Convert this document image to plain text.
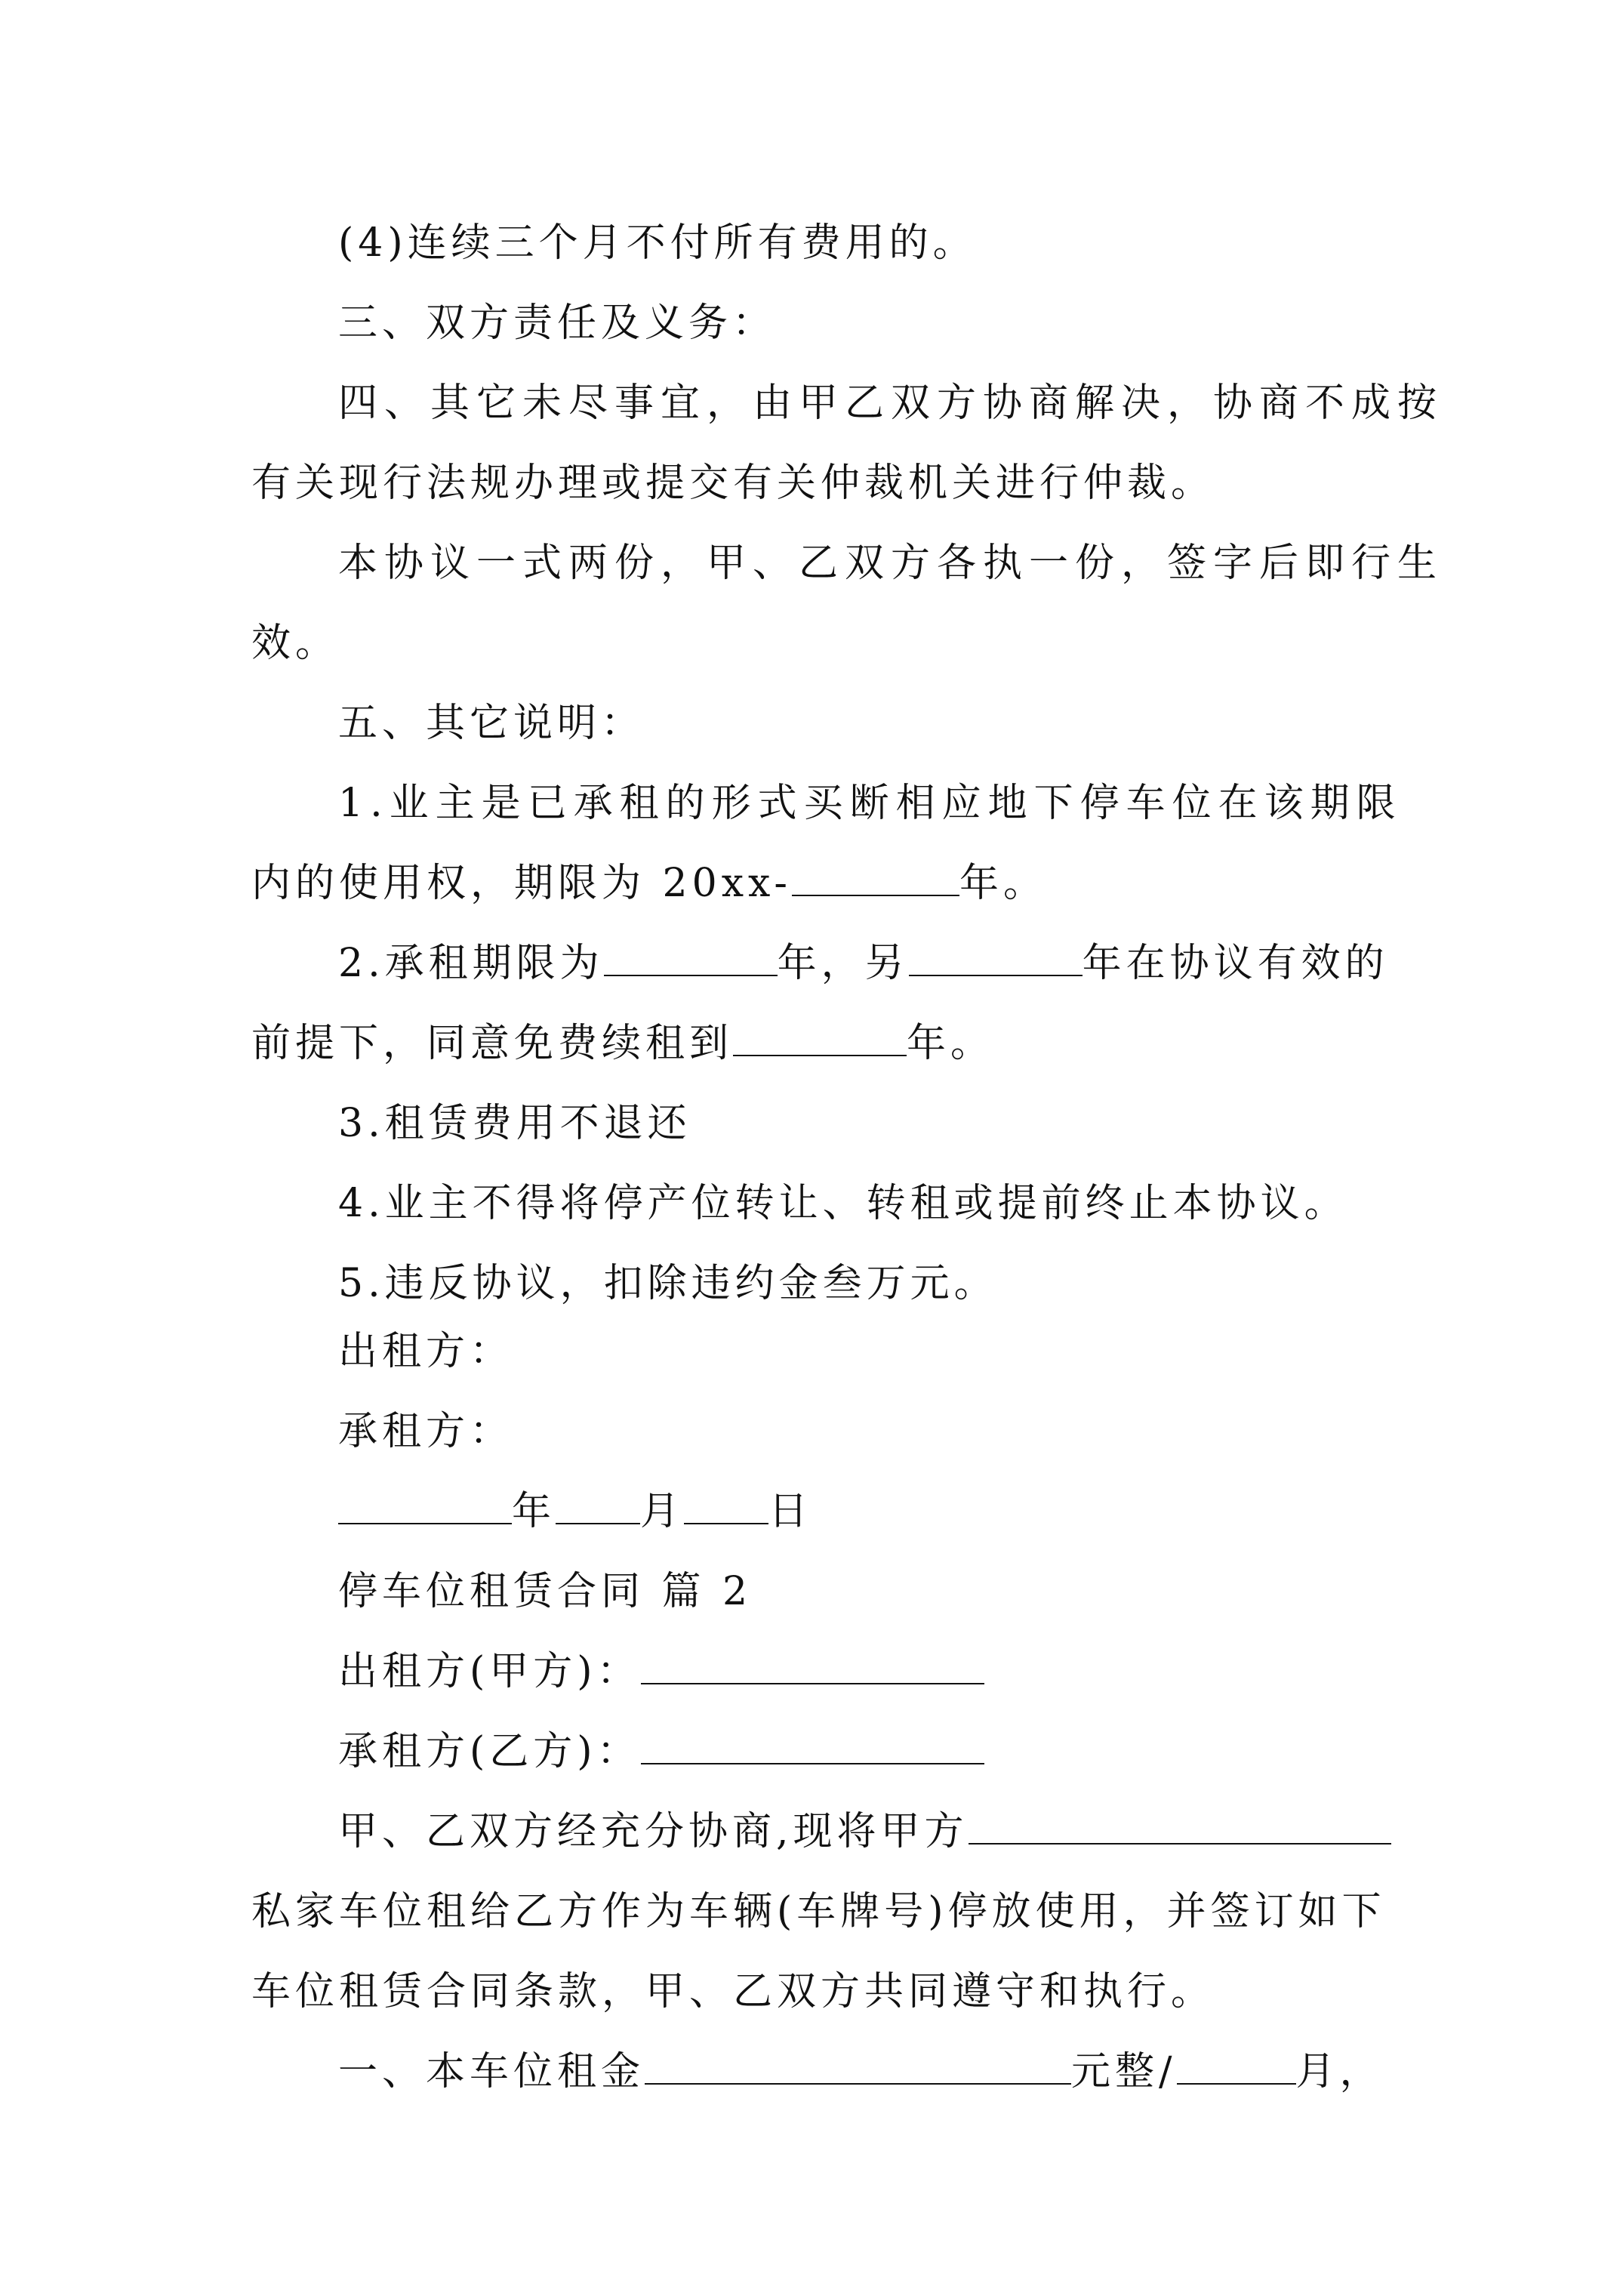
(4)连续三个月不付所有费用的。
三、双方责任及义务：
四、其它未尽事宜，由甲乙双方协商解决，协商不成按
有关现行法规办理或提交有关仲裁机关进行仲裁。
本协议一式两份，甲、乙双方各执一份，签字后即行生
效。
五、其它说明：
1.业主是已承租的形式买断相应地下停车位在该期限
内的使用权，期限为 20xx-	年。
2.承租期限为	年，另	年在协议有效的
前提下，同意免费续租到	年。
3.租赁费用不退还
4.业主不得将停产位转让、转租或提前终止本协议。
5.违反协议，扣除违约金叁万元。
出租方：
承租方：
年 月 日
停车位租赁合同 篇 2
出租方(甲方)：
承租方(乙方)：
甲、乙双方经充分协商,现将甲方
私家车位租给乙方作为车辆(车牌号)停放使用，并签订如下
车位租赁合同条款，甲、乙双方共同遵守和执行。
一、本车位租金	元整/	月，
